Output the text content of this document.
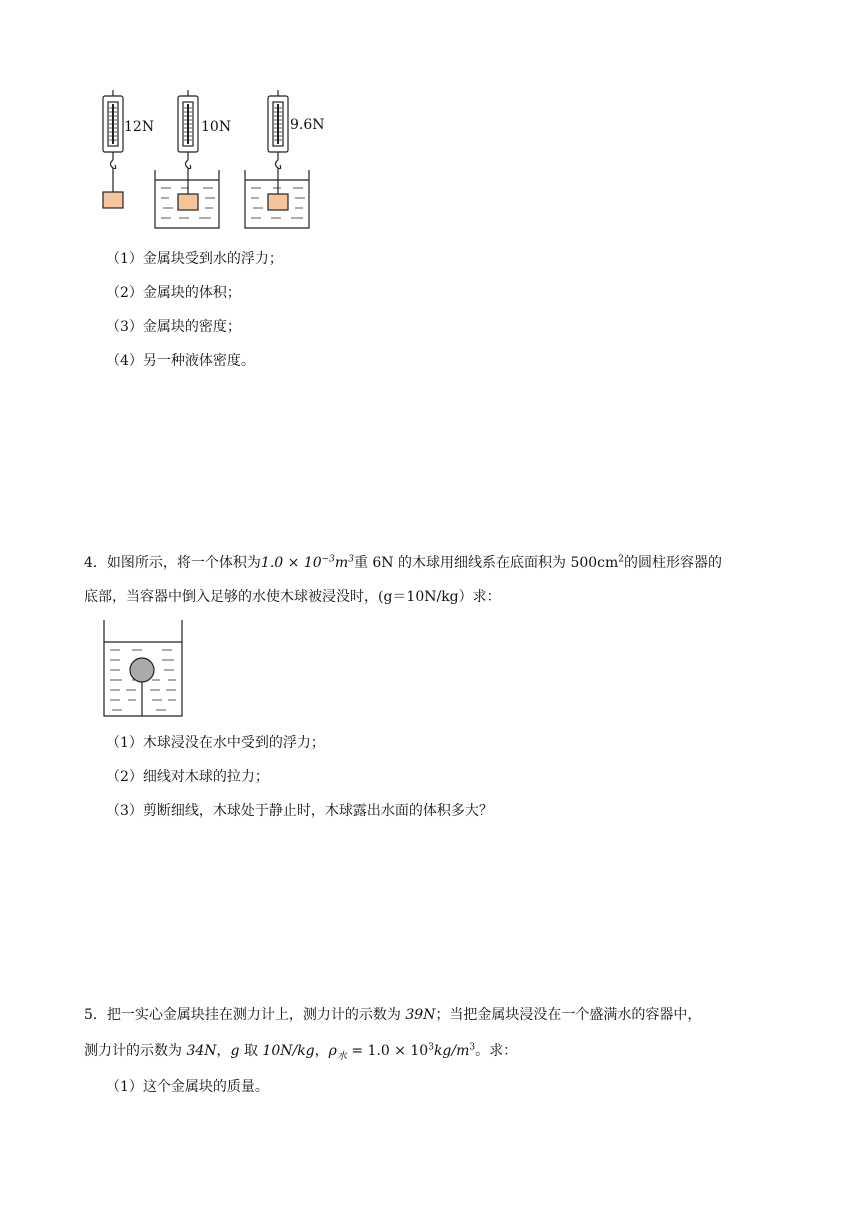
12N	10N	9.6N
（1）金属块受到水的浮力；
（2）金属块的体积；
（3）金属块的密度；
（4）另一种液体密度。
4．如图所示，将一个体积为$1.0 \times 10^{-3}m^3$重 6N 的木球用细线系在底面积为 $500cm^2$的圆柱形容器的
底部，当容器中倒入足够的水使木球被浸没时，(g＝10N/kg）求：
（1）木球浸没在水中受到的浮力；
（2）细线对木球的拉力；
（3）剪断细线，木球处于静止时，木球露出水面的体积多大？
5．把一实心金属块挂在测力计上，测力计的示数为 39N；当把金属块浸没在一个盛满水的容器中，
测力计的示数为 34N，g 取 10N/kg，$\rho_水 = 1.0 \times 10^3kg/m^3$。求：
（1）这个金属块的质量。
